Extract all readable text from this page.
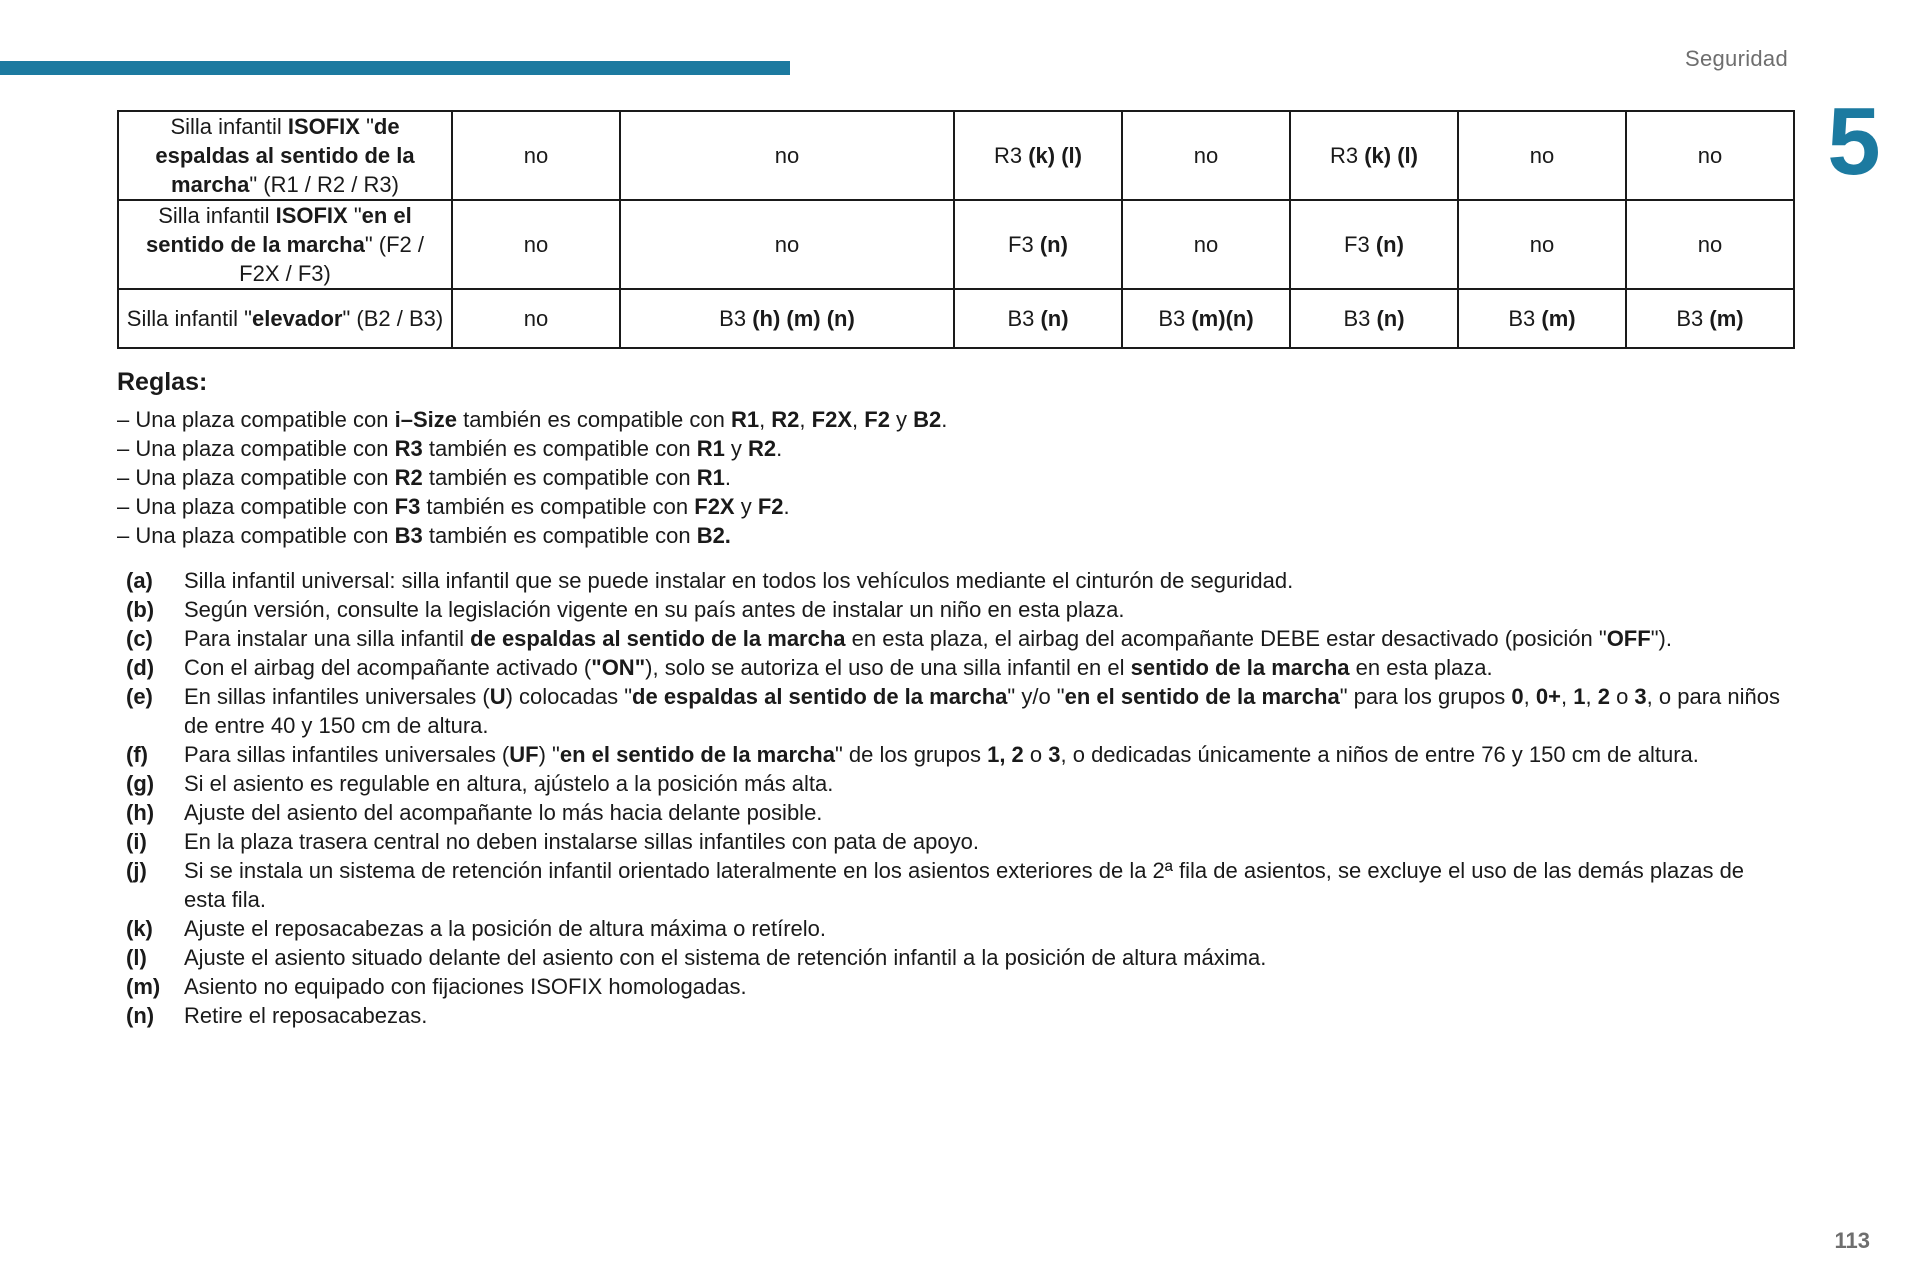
Seguridad
5
Silla infantil ISOFIX "de espaldas al sentido de la marcha" (R1 / R2 / R3)	no	no	R3 (k) (l)	no	R3 (k) (l)	no	no
Silla infantil ISOFIX "en el sentido de la marcha" (F2 / F2X / F3)	no	no	F3 (n)	no	F3 (n)	no	no
Silla infantil "elevador" (B2 / B3)	no	B3 (h) (m) (n)	B3 (n)	B3 (m)(n)	B3 (n)	B3 (m)	B3 (m)
Reglas:
– Una plaza compatible con i–Size también es compatible con R1, R2, F2X, F2 y B2.
– Una plaza compatible con R3 también es compatible con R1 y R2.
– Una plaza compatible con R2 también es compatible con R1.
– Una plaza compatible con F3 también es compatible con F2X y F2.
– Una plaza compatible con B3 también es compatible con B2.
(a)	Silla infantil universal: silla infantil que se puede instalar en todos los vehículos mediante el cinturón de seguridad.
(b)	Según versión, consulte la legislación vigente en su país antes de instalar un niño en esta plaza.
(c)	Para instalar una silla infantil de espaldas al sentido de la marcha en esta plaza, el airbag del acompañante DEBE estar desactivado (posición "OFF").
(d)	Con el airbag del acompañante activado ("ON"), solo se autoriza el uso de una silla infantil en el sentido de la marcha en esta plaza.
(e)	En sillas infantiles universales (U) colocadas "de espaldas al sentido de la marcha" y/o "en el sentido de la marcha" para los grupos 0, 0+, 1, 2 o 3, o para niños de entre 40 y 150 cm de altura.
(f)	Para sillas infantiles universales (UF) "en el sentido de la marcha" de los grupos 1, 2 o 3, o dedicadas únicamente a niños de entre 76 y 150 cm de altura.
(g)	Si el asiento es regulable en altura, ajústelo a la posición más alta.
(h)	Ajuste del asiento del acompañante lo más hacia delante posible.
(i)	En la plaza trasera central no deben instalarse sillas infantiles con pata de apoyo.
(j)	Si se instala un sistema de retención infantil orientado lateralmente en los asientos exteriores de la 2ª fila de asientos, se excluye el uso de las demás plazas de esta fila.
(k)	Ajuste el reposacabezas a la posición de altura máxima o retírelo.
(l)	Ajuste el asiento situado delante del asiento con el sistema de retención infantil a la posición de altura máxima.
(m)	Asiento no equipado con fijaciones ISOFIX homologadas.
(n)	Retire el reposacabezas.
113
